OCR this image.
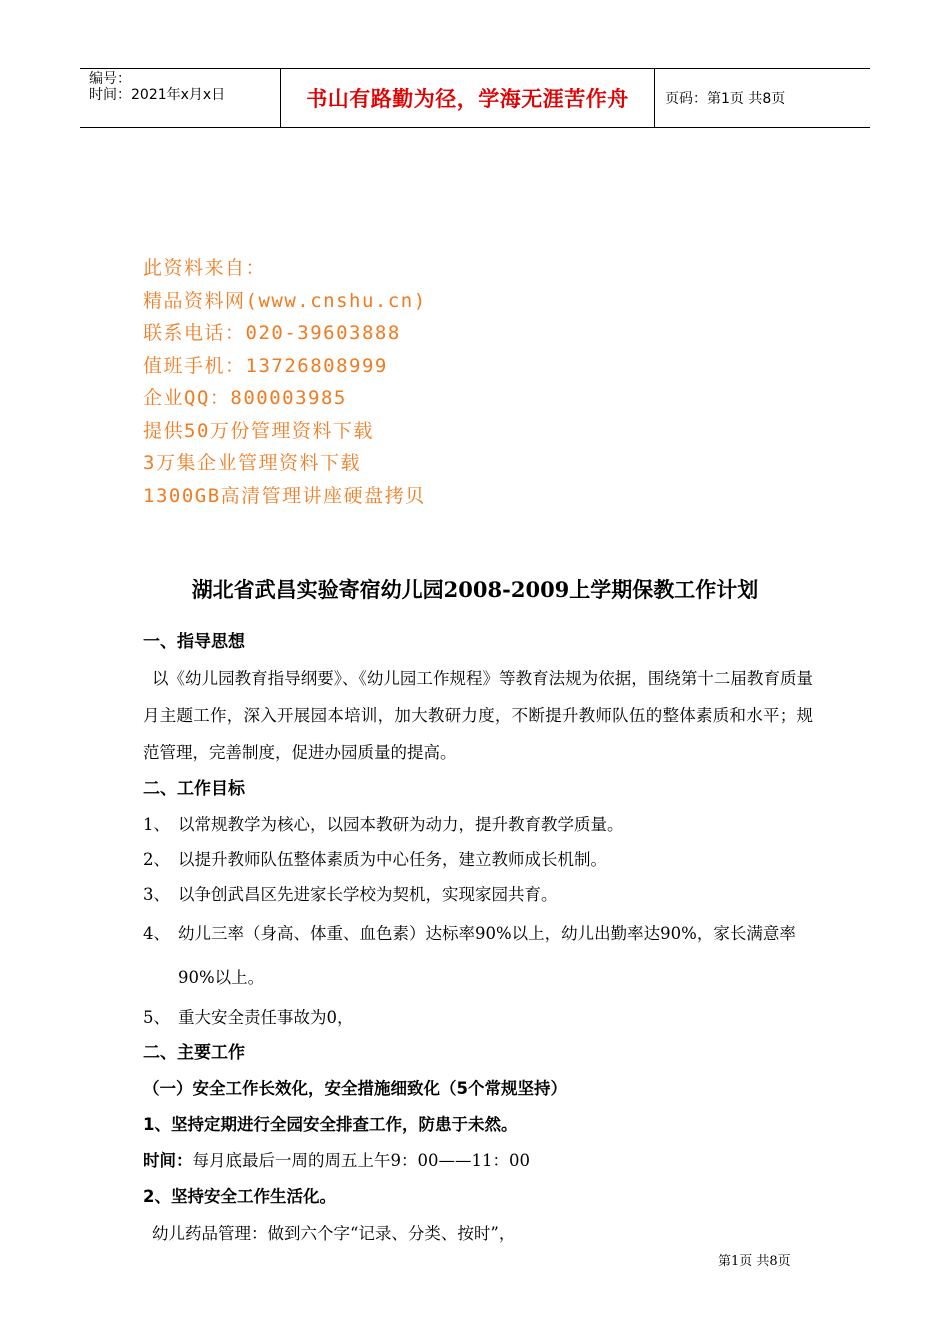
编号：
时间：2021年x月x日	书山有路勤为径，学海无涯苦作舟	页码：第1页 共8页
此资料来自：
精品资料网(www.cnshu.cn)
联系电话：020-39603888
值班手机：13726808999
企业QQ：800003985
提供50万份管理资料下载
3万集企业管理资料下载
1300GB高清管理讲座硬盘拷贝
湖北省武昌实验寄宿幼儿园2008-2009上学期保教工作计划

一、指导思想

以《幼儿园教育指导纲要》、《幼儿园工作规程》等教育法规为依据，围绕第十二届教育质量月主题工作，深入开展园本培训，加大教研力度，不断提升教师队伍的整体素质和水平；规范管理，完善制度，促进办园质量的提高。

二、工作目标

1、 以常规教学为核心，以园本教研为动力，提升教育教学质量。
2、 以提升教师队伍整体素质为中心任务，建立教师成长机制。
3、 以争创武昌区先进家长学校为契机，实现家园共育。
4、 幼儿三率（身高、体重、血色素）达标率90%以上，幼儿出勤率达90%，家长满意率90%以上。
5、 重大安全责任事故为0，

二、主要工作

（一）安全工作长效化，安全措施细致化（5个常规坚持）

1、坚持定期进行全园安全排查工作，防患于未然。

时间：每月底最后一周的周五上午9：00——11：00

2、坚持安全工作生活化。

幼儿药品管理：做到六个字“记录、分类、按时”，

第1页 共8页
